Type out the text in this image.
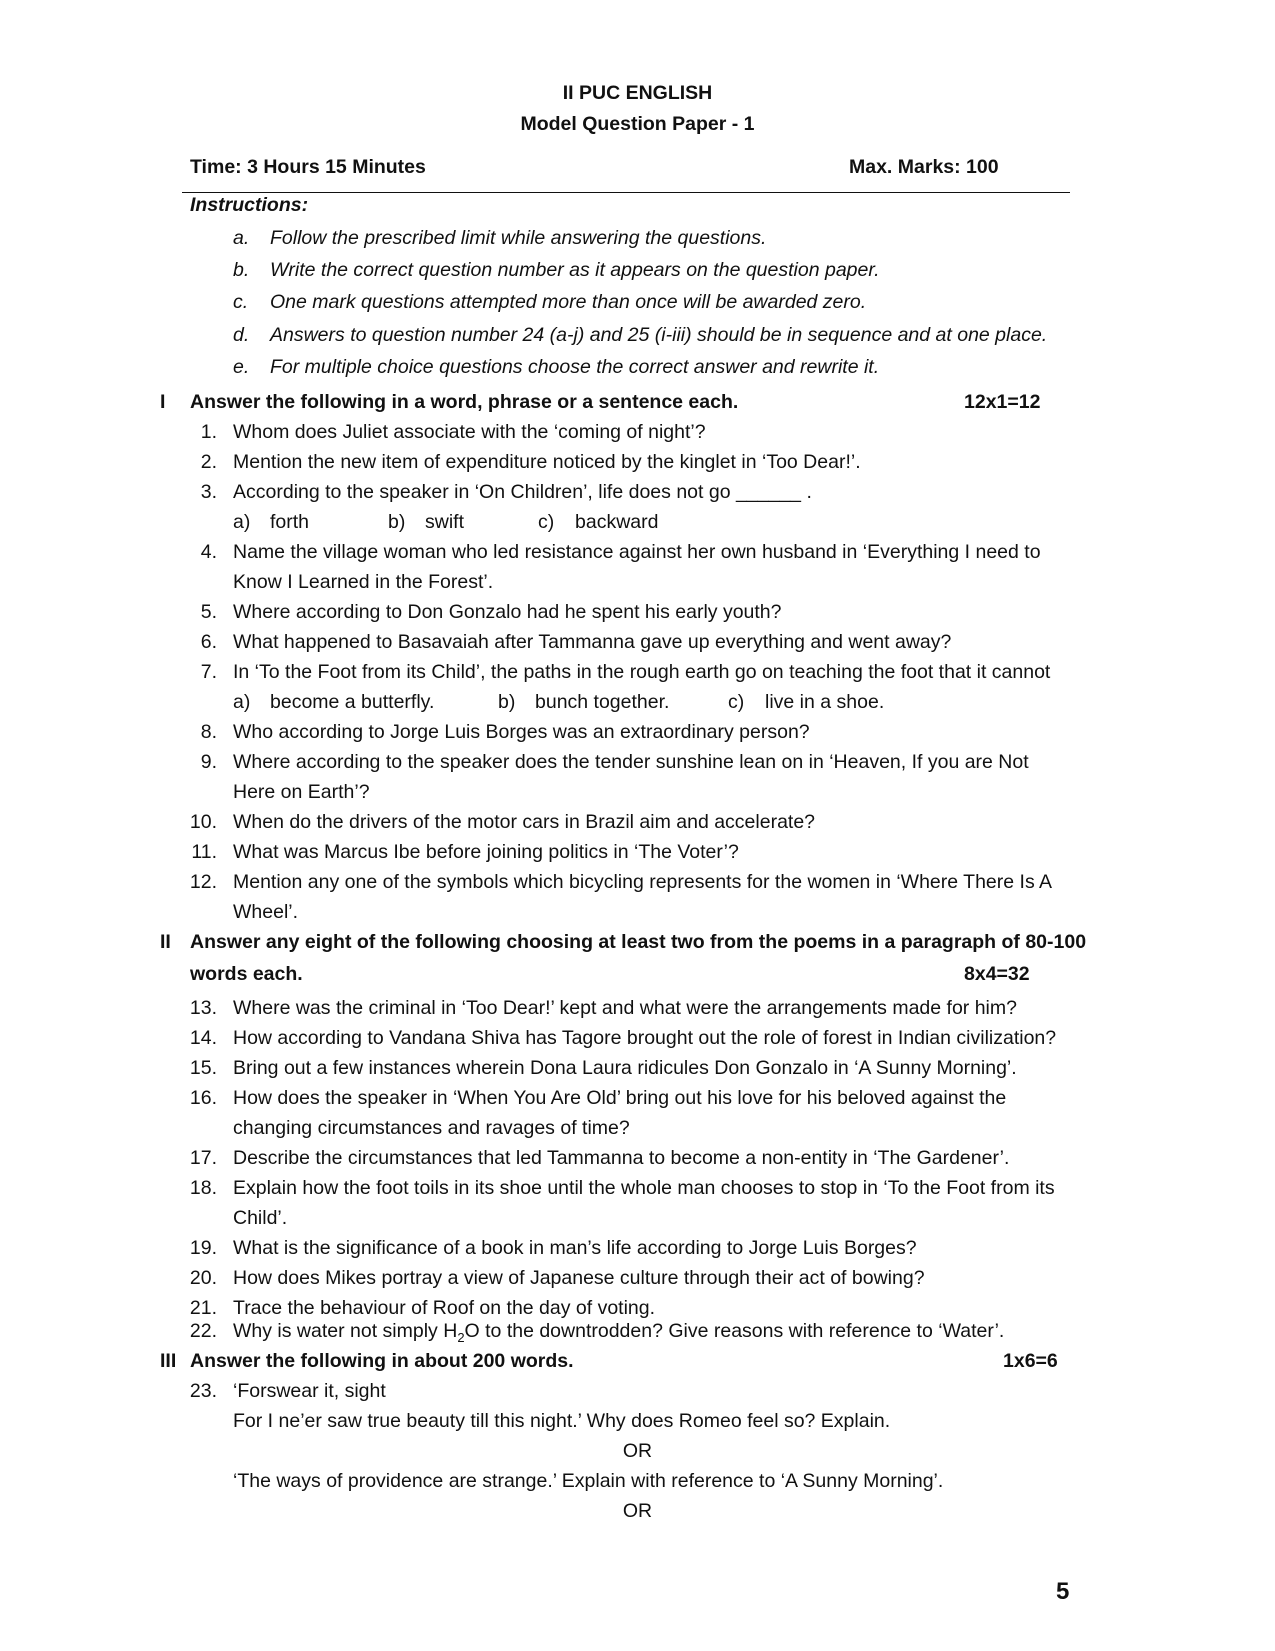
II PUC ENGLISH
Model Question Paper - 1
Time: 3 Hours 15 Minutes	Max. Marks: 100
Instructions:
a. Follow the prescribed limit while answering the questions.
b. Write the correct question number as it appears on the question paper.
c. One mark questions attempted more than once will be awarded zero.
d. Answers to question number 24 (a-j) and 25 (i-iii) should be in sequence and at one place.
e. For multiple choice questions choose the correct answer and rewrite it.
I Answer the following in a word, phrase or a sentence each.	12x1=12
1. Whom does Juliet associate with the ‘coming of night’?
2. Mention the new item of expenditure noticed by the kinglet in ‘Too Dear!’.
3. According to the speaker in ‘On Children’, life does not go ______ .
4. Name the village woman who led resistance against her own husband in ‘Everything I need to
Know I Learned in the Forest’.
5. Where according to Don Gonzalo had he spent his early youth?
6. What happened to Basavaiah after Tammanna gave up everything and went away?
7. In ‘To the Foot from its Child’, the paths in the rough earth go on teaching the foot that it cannot
8. Who according to Jorge Luis Borges was an extraordinary person?
9. Where according to the speaker does the tender sunshine lean on in ‘Heaven, If you are Not
Here on Earth’?
10. When do the drivers of the motor cars in Brazil aim and accelerate?
11. What was Marcus Ibe before joining politics in ‘The Voter’?
12. Mention any one of the symbols which bicycling represents for the women in ‘Where There Is A
Wheel’.
a) forth	b) swift	c) backward
a) become a butterfly.	b) bunch together.	c) live in a shoe.
II Answer any eight of the following choosing at least two from the poems in a paragraph of 80-100
words each.	8x4=32
13. Where was the criminal in ‘Too Dear!’ kept and what were the arrangements made for him?
14. How according to Vandana Shiva has Tagore brought out the role of forest in Indian civilization?
15. Bring out a few instances wherein Dona Laura ridicules Don Gonzalo in ‘A Sunny Morning’.
16. How does the speaker in ‘When You Are Old’ bring out his love for his beloved against the
changing circumstances and ravages of time?
17. Describe the circumstances that led Tammanna to become a non-entity in ‘The Gardener’.
18. Explain how the foot toils in its shoe until the whole man chooses to stop in ‘To the Foot from its
Child’.
19. What is the significance of a book in man’s life according to Jorge Luis Borges?
20. How does Mikes portray a view of Japanese culture through their act of bowing?
21. Trace the behaviour of Roof on the day of voting.
22. Why is water not simply $H_2O$ to the downtrodden? Give reasons with reference to ‘Water’.
III Answer the following in about 200 words.	1x6=6
23. ‘Forswear it, sight
For I ne’er saw true beauty till this night.’ Why does Romeo feel so? Explain.
OR
‘The ways of providence are strange.’ Explain with reference to ‘A Sunny Morning’.
OR
5
